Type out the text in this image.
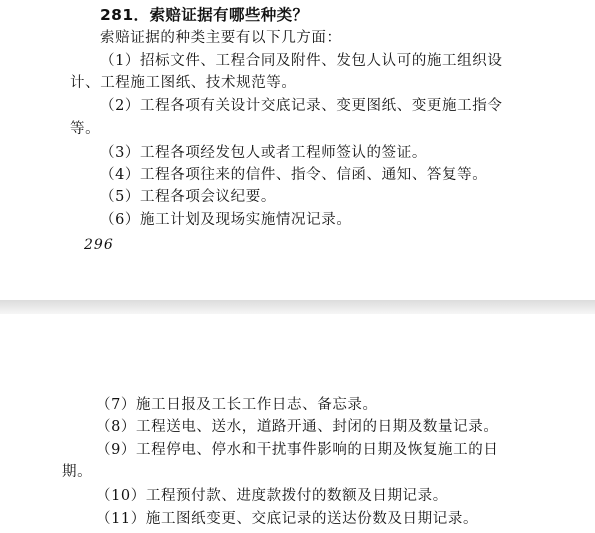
281．索赔证据有哪些种类？
索赔证据的种类主要有以下几方面：
（1）招标文件、工程合同及附件、发包人认可的施工组织设
计、工程施工图纸、技术规范等。
（2）工程各项有关设计交底记录、变更图纸、变更施工指令
等。
（3）工程各项经发包人或者工程师签认的签证。
（4）工程各项往来的信件、指令、信函、通知、答复等。
（5）工程各项会议纪要。
（6）施工计划及现场实施情况记录。
296
（7）施工日报及工长工作日志、备忘录。
（8）工程送电、送水，道路开通、封闭的日期及数量记录。
（9）工程停电、停水和干扰事件影响的日期及恢复施工的日
期。
（10）工程预付款、进度款拨付的数额及日期记录。
（11）施工图纸变更、交底记录的送达份数及日期记录。
